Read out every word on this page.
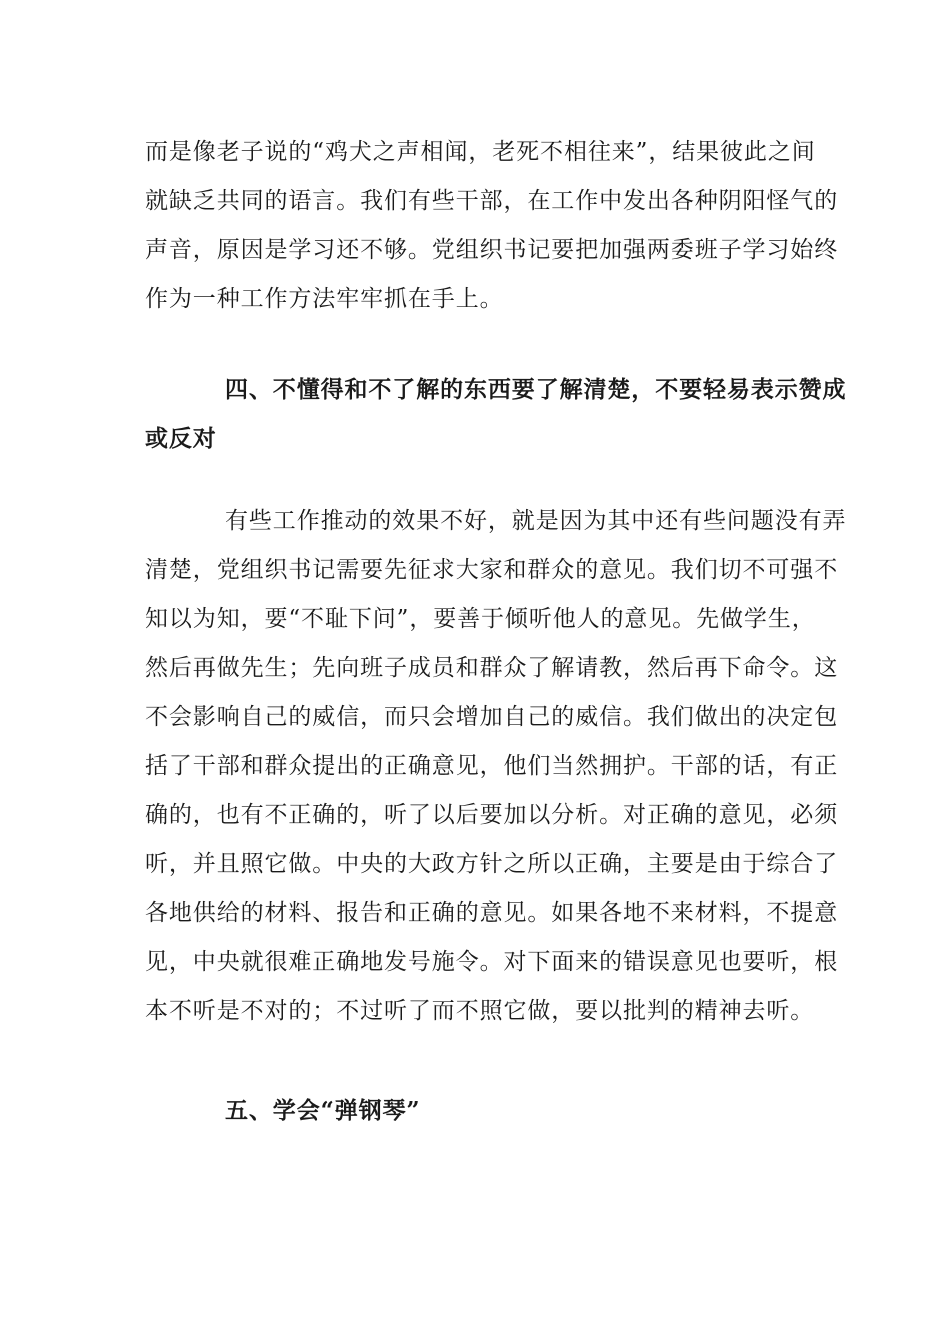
而是像老子说的“鸡犬之声相闻，老死不相往来”，结果彼此之间
就缺乏共同的语言。我们有些干部，在工作中发出各种阴阳怪气的
声音，原因是学习还不够。党组织书记要把加强两委班子学习始终
作为一种工作方法牢牢抓在手上。
四、不懂得和不了解的东西要了解清楚，不要轻易表示赞成
或反对
有些工作推动的效果不好，就是因为其中还有些问题没有弄
清楚，党组织书记需要先征求大家和群众的意见。我们切不可强不
知以为知，要“不耻下问”，要善于倾听他人的意见。先做学生，
然后再做先生；先向班子成员和群众了解请教，然后再下命令。这
不会影响自己的威信，而只会增加自己的威信。我们做出的决定包
括了干部和群众提出的正确意见，他们当然拥护。干部的话，有正
确的，也有不正确的，听了以后要加以分析。对正确的意见，必须
听，并且照它做。中央的大政方针之所以正确，主要是由于综合了
各地供给的材料、报告和正确的意见。如果各地不来材料，不提意
见，中央就很难正确地发号施令。对下面来的错误意见也要听，根
本不听是不对的；不过听了而不照它做，要以批判的精神去听。
五、学会“弹钢琴”
